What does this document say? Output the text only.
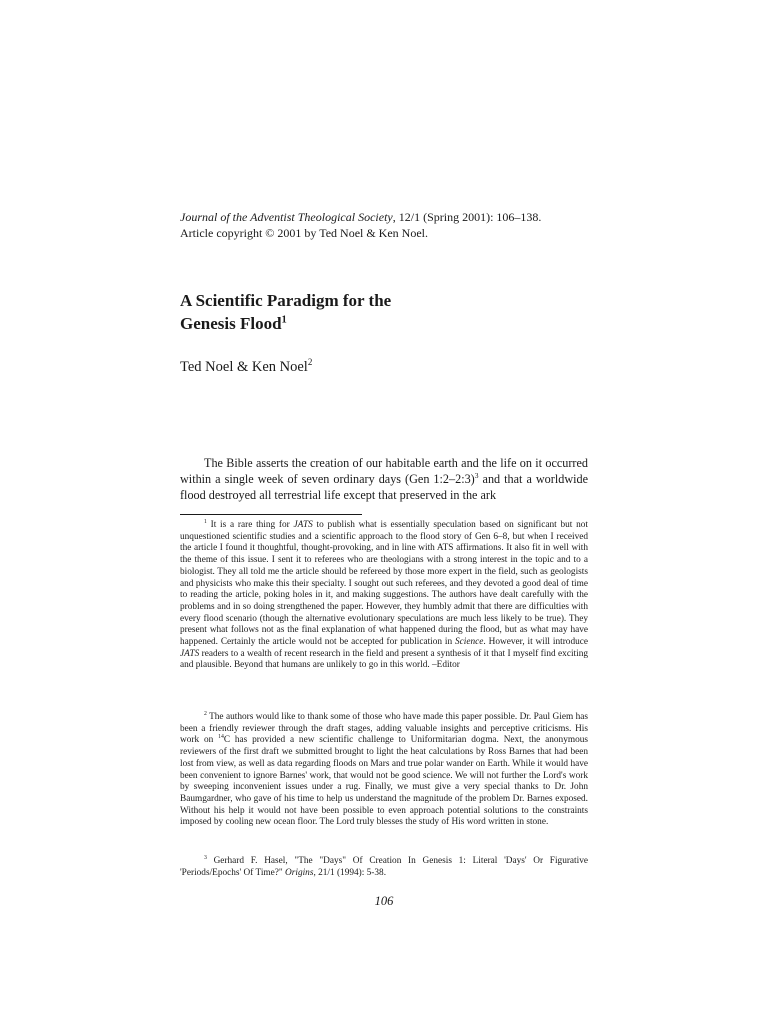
Journal of the Adventist Theological Society, 12/1 (Spring 2001): 106–138.
Article copyright © 2001 by Ted Noel & Ken Noel.
A Scientific Paradigm for the
Genesis Flood$^1$
Ted Noel & Ken Noel$^2$

The Bible asserts the creation of our habitable earth and the life on it occurred within a single week of seven ordinary days (Gen 1:2–2:3)$^3$ and that a worldwide flood destroyed all terrestrial life except that preserved in the ark

$^1$ It is a rare thing for JATS to publish what is essentially speculation based on significant but not unquestioned scientific studies and a scientific approach to the flood story of Gen 6–8, but when I received the article I found it thoughtful, thought-provoking, and in line with ATS affirmations. It also fit in well with the theme of this issue. I sent it to referees who are theologians with a strong interest in the topic and to a biologist. They all told me the article should be refereed by those more expert in the field, such as geologists and physicists who make this their specialty. I sought out such referees, and they devoted a good deal of time to reading the article, poking holes in it, and making suggestions. The authors have dealt carefully with the problems and in so doing strengthened the paper. However, they humbly admit that there are difficulties with every flood scenario (though the alternative evolutionary speculations are much less likely to be true). They present what follows not as the final explanation of what happened during the flood, but as what may have happened. Certainly the article would not be accepted for publication in Science. However, it will introduce JATS readers to a wealth of recent research in the field and present a synthesis of it that I myself find exciting and plausible. Beyond that humans are unlikely to go in this world. –Editor

$^2$ The authors would like to thank some of those who have made this paper possible. Dr. Paul Giem has been a friendly reviewer through the draft stages, adding valuable insights and perceptive criticisms. His work on $^{14}$C has provided a new scientific challenge to Uniformitarian dogma. Next, the anonymous reviewers of the first draft we submitted brought to light the heat calculations by Ross Barnes that had been lost from view, as well as data regarding floods on Mars and true polar wander on Earth. While it would have been convenient to ignore Barnes' work, that would not be good science. We will not further the Lord's work by sweeping inconvenient issues under a rug. Finally, we must give a very special thanks to Dr. John Baumgardner, who gave of his time to help us understand the magnitude of the problem Dr. Barnes exposed. Without his help it would not have been possible to even approach potential solutions to the constraints imposed by cooling new ocean floor. The Lord truly blesses the study of His word written in stone.

$^3$ Gerhard F. Hasel, "The "Days" Of Creation In Genesis 1: Literal 'Days' Or Figurative 'Periods/Epochs' Of Time?" Origins, 21/1 (1994): 5-38.

106
